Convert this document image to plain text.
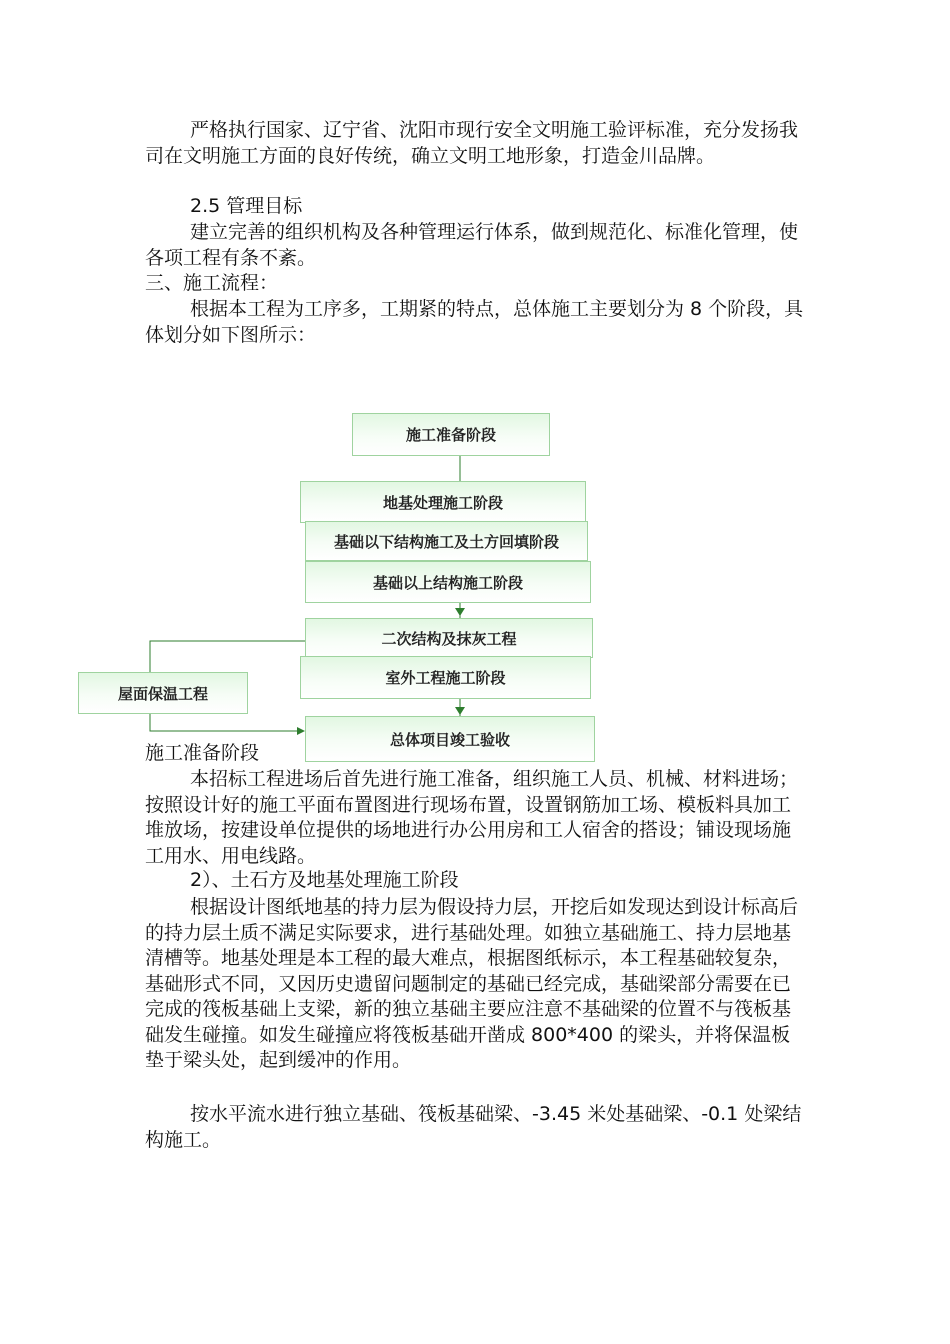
严格执行国家、辽宁省、沈阳市现行安全文明施工验评标准，充分发扬我司在文明施工方面的良好传统，确立文明工地形象，打造金川品牌。

2.5 管理目标

建立完善的组织机构及各种管理运行体系，做到规范化、标准化管理，使各项工程有条不紊。

三、施工流程：

根据本工程为工序多，工期紧的特点，总体施工主要划分为 8 个阶段，具体划分如下图所示：

施工准备阶段
地基处理施工阶段
基础以下结构施工及土方回填阶段
基础以上结构施工阶段
二次结构及抹灰工程
室外工程施工阶段
总体项目竣工验收
屋面保温工程

施工准备阶段

本招标工程进场后首先进行施工准备，组织施工人员、机械、材料进场；按照设计好的施工平面布置图进行现场布置，设置钢筋加工场、模板料具加工堆放场，按建设单位提供的场地进行办公用房和工人宿舍的搭设；铺设现场施工用水、用电线路。

2）、土石方及地基处理施工阶段

根据设计图纸地基的持力层为假设持力层，开挖后如发现达到设计标高后的持力层土质不满足实际要求，进行基础处理。如独立基础施工、持力层地基清槽等。地基处理是本工程的最大难点，根据图纸标示，本工程基础较复杂，基础形式不同，又因历史遗留问题制定的基础已经完成，基础梁部分需要在已完成的筏板基础上支梁，新的独立基础主要应注意不基础梁的位置不与筏板基础发生碰撞。如发生碰撞应将筏板基础开凿成 800*400 的梁头，并将保温板垫于梁头处，起到缓冲的作用。

按水平流水进行独立基础、筏板基础梁、-3.45 米处基础梁、-0.1 处梁结构施工。
